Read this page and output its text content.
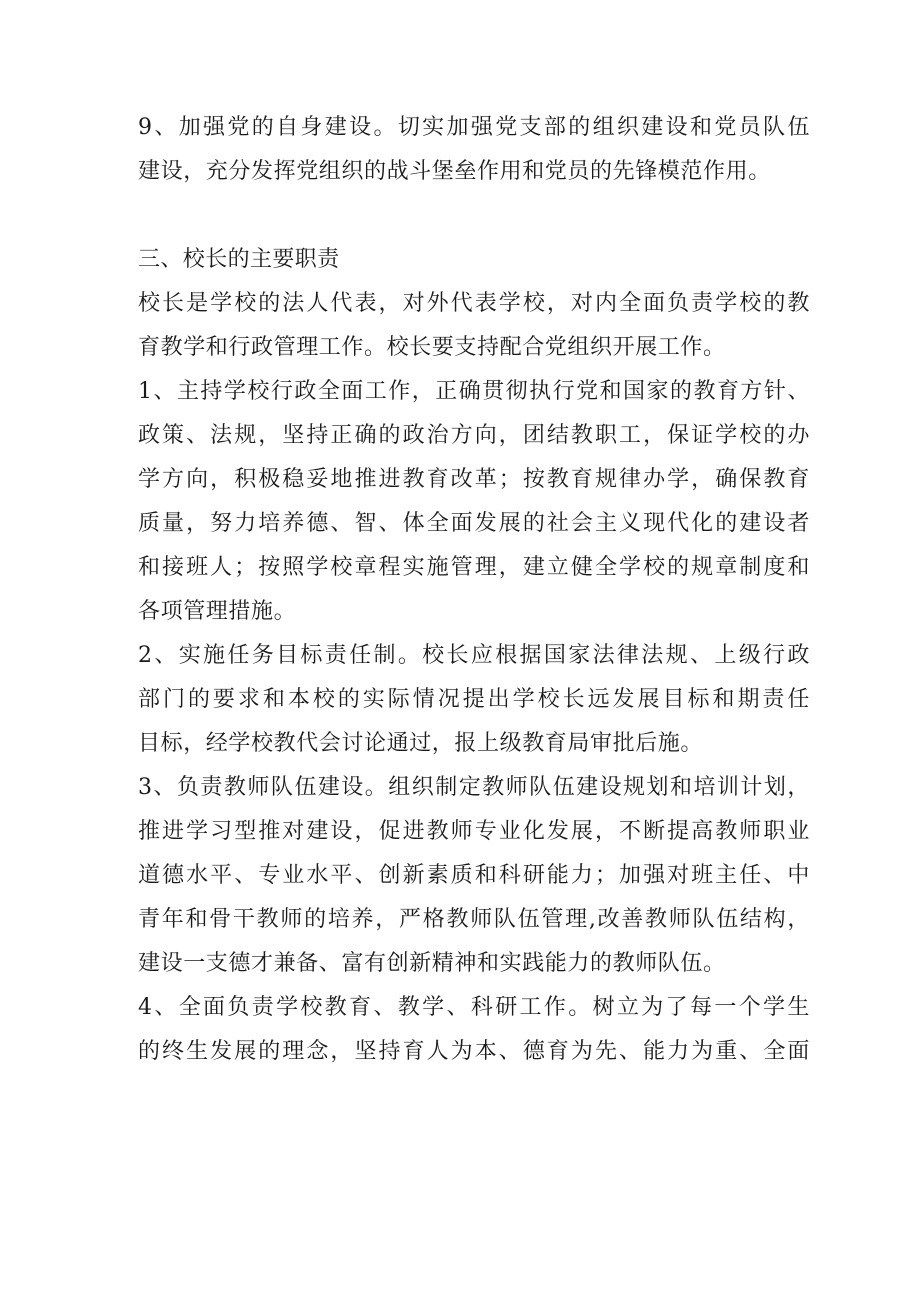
9、加强党的自身建设。切实加强党支部的组织建设和党员队伍
建设，充分发挥党组织的战斗堡垒作用和党员的先锋模范作用。
三、校长的主要职责
校长是学校的法人代表，对外代表学校，对内全面负责学校的教
育教学和行政管理工作。校长要支持配合党组织开展工作。
1、主持学校行政全面工作，正确贯彻执行党和国家的教育方针、
政策、法规，坚持正确的政治方向，团结教职工，保证学校的办
学方向，积极稳妥地推进教育改革；按教育规律办学，确保教育
质量，努力培养德、智、体全面发展的社会主义现代化的建设者
和接班人；按照学校章程实施管理，建立健全学校的规章制度和
各项管理措施。
2、实施任务目标责任制。校长应根据国家法律法规、上级行政
部门的要求和本校的实际情况提出学校长远发展目标和期责任
目标，经学校教代会讨论通过，报上级教育局审批后施。
3、负责教师队伍建设。组织制定教师队伍建设规划和培训计划，
推进学习型推对建设，促进教师专业化发展，不断提高教师职业
道德水平、专业水平、创新素质和科研能力；加强对班主任、中
青年和骨干教师的培养，严格教师队伍管理,改善教师队伍结构，
建设一支德才兼备、富有创新精神和实践能力的教师队伍。
4、全面负责学校教育、教学、科研工作。树立为了每一个学生
的终生发展的理念，坚持育人为本、德育为先、能力为重、全面
